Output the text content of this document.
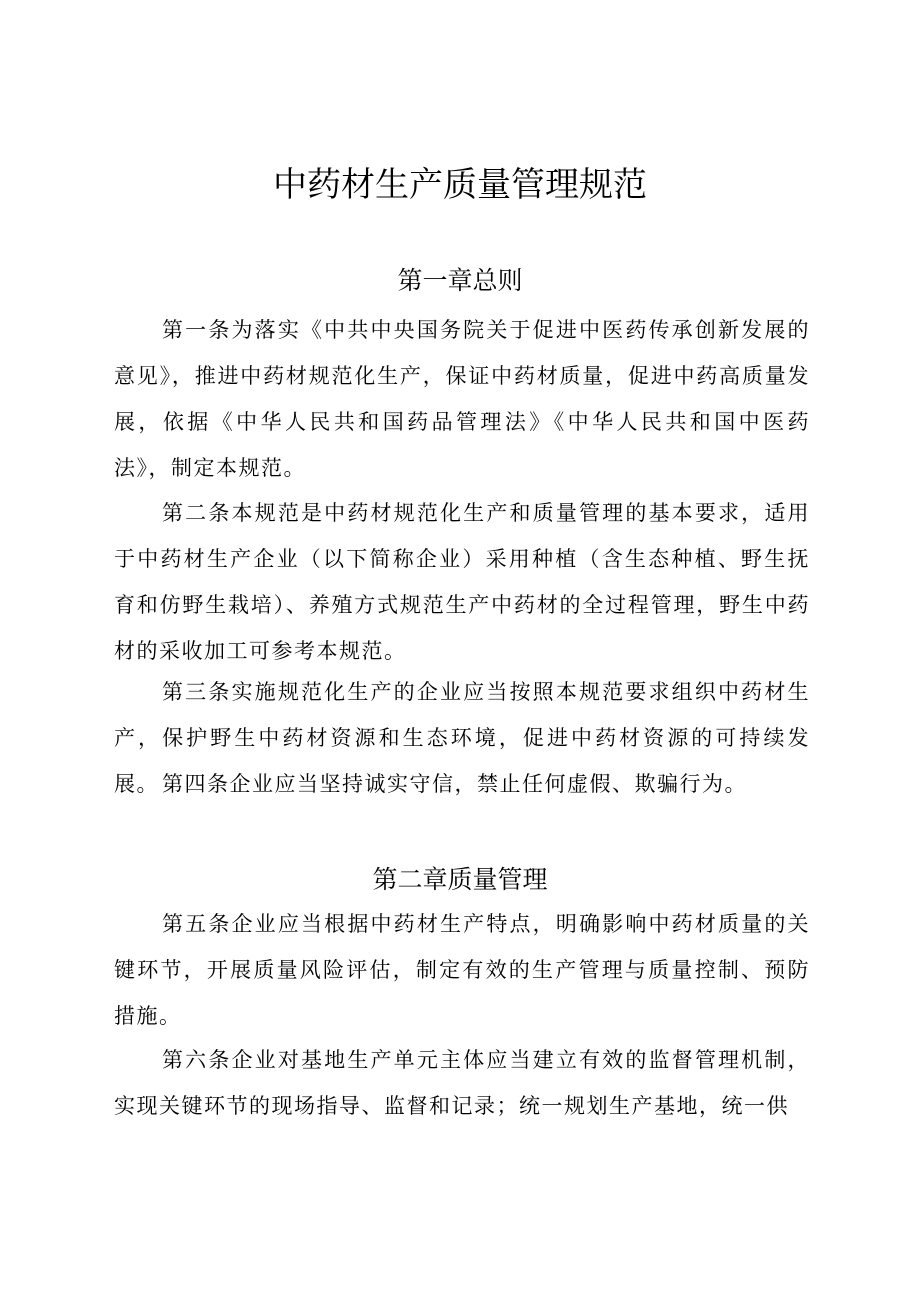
中药材生产质量管理规范
第一章总则

第一条为落实《中共中央国务院关于促进中医药传承创新发展的意见》，推进中药材规范化生产，保证中药材质量，促进中药高质量发展，依据《中华人民共和国药品管理法》《中华人民共和国中医药法》，制定本规范。

第二条本规范是中药材规范化生产和质量管理的基本要求，适用于中药材生产企业（以下简称企业）采用种植（含生态种植、野生抚育和仿野生栽培）、养殖方式规范生产中药材的全过程管理，野生中药材的采收加工可参考本规范。

第三条实施规范化生产的企业应当按照本规范要求组织中药材生产，保护野生中药材资源和生态环境，促进中药材资源的可持续发展。 第四条企业应当坚持诚实守信，禁止任何虚假、欺骗行为。

第二章质量管理

第五条企业应当根据中药材生产特点，明确影响中药材质量的关键环节，开展质量风险评估，制定有效的生产管理与质量控制、预防措施。

第六条企业对基地生产单元主体应当建立有效的监督管理机制，实现关键环节的现场指导、监督和记录；统一规划生产基地，统一供
